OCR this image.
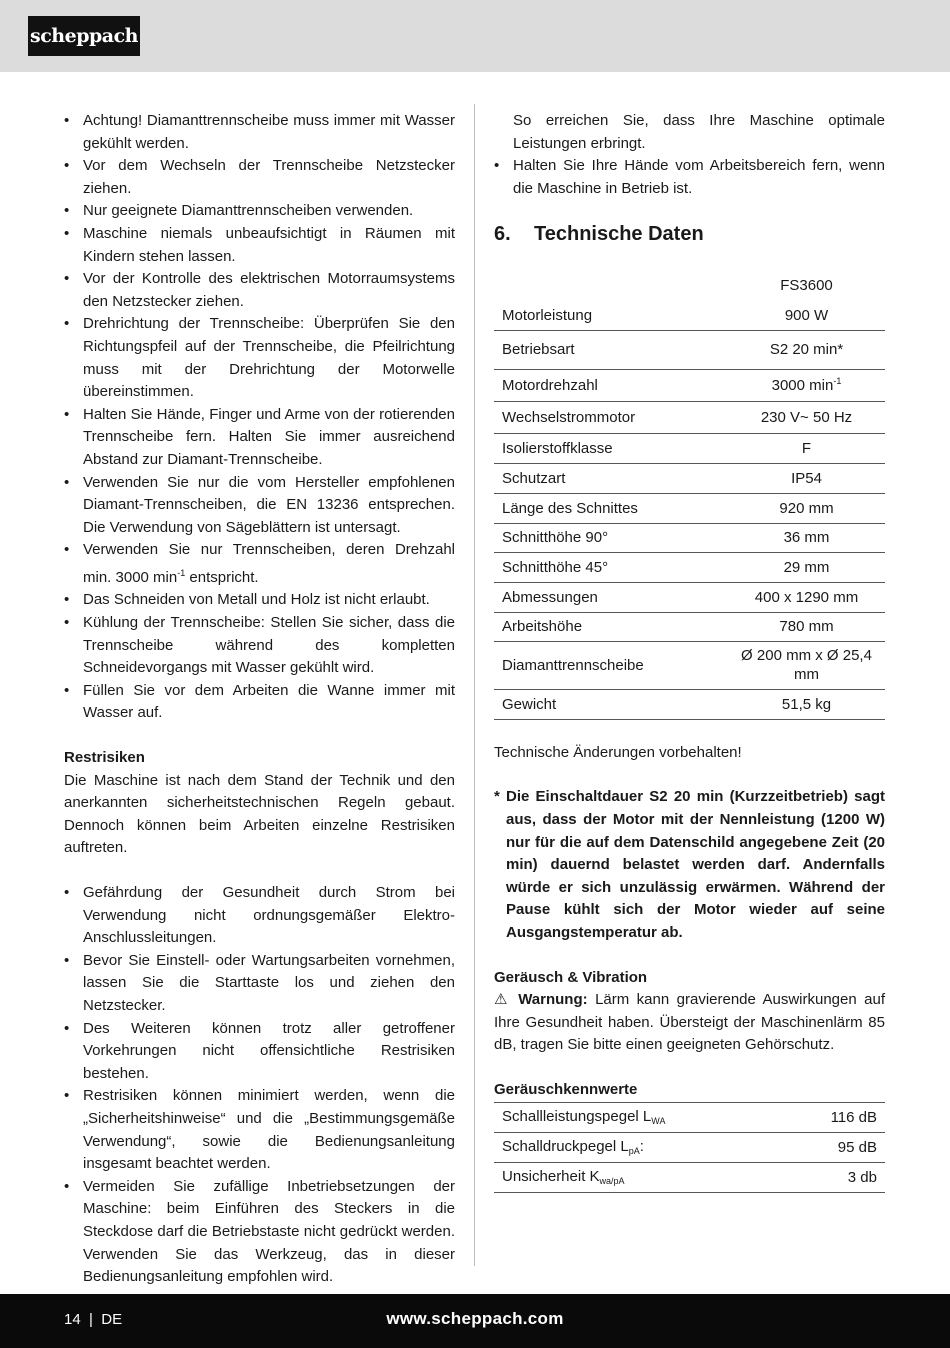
scheppach
• Achtung! Diamanttrennscheibe muss immer mit Wasser gekühlt werden.
• Vor dem Wechseln der Trennscheibe Netzstecker ziehen.
• Nur geeignete Diamanttrennscheiben verwenden.
• Maschine niemals unbeaufsichtigt in Räumen mit Kindern stehen lassen.
• Vor der Kontrolle des elektrischen Motorraumsystems den Netzstecker ziehen.
• Drehrichtung der Trennscheibe: Überprüfen Sie den Richtungspfeil auf der Trennscheibe, die Pfeilrichtung muss mit der Drehrichtung der Motorwelle übereinstimmen.
• Halten Sie Hände, Finger und Arme von der rotierenden Trennscheibe fern. Halten Sie immer ausreichend Abstand zur Diamant-Trennscheibe.
• Verwenden Sie nur die vom Hersteller empfohlenen Diamant-Trennscheiben, die EN 13236 entsprechen. Die Verwendung von Sägeblättern ist untersagt.
• Verwenden Sie nur Trennscheiben, deren Drehzahl min. 3000 $\min^{-1}$ entspricht.
• Das Schneiden von Metall und Holz ist nicht erlaubt.
• Kühlung der Trennscheibe: Stellen Sie sicher, dass die Trennscheibe während des kompletten Schneidevorgangs mit Wasser gekühlt wird.
• Füllen Sie vor dem Arbeiten die Wanne immer mit Wasser auf.
Restrisiken

Die Maschine ist nach dem Stand der Technik und den anerkannten sicherheitstechnischen Regeln gebaut. Dennoch können beim Arbeiten einzelne Restrisiken auftreten.

• Gefährdung der Gesundheit durch Strom bei Verwendung nicht ordnungsgemäßer Elektro-Anschlussleitungen.
• Bevor Sie Einstell- oder Wartungsarbeiten vornehmen, lassen Sie die Starttaste los und ziehen den Netzstecker.
• Des Weiteren können trotz aller getroffener Vorkehrungen nicht offensichtliche Restrisiken bestehen.
• Restrisiken können minimiert werden, wenn die „Sicherheitshinweise“ und die „Bestimmungsgemäße Verwendung“, sowie die Bedienungsanleitung insgesamt beachtet werden.
• Vermeiden Sie zufällige Inbetriebsetzungen der Maschine: beim Einführen des Steckers in die Steckdose darf die Betriebstaste nicht gedrückt werden. Verwenden Sie das Werkzeug, das in dieser Bedienungsanleitung empfohlen wird.
So erreichen Sie, dass Ihre Maschine optimale Leistungen erbringt.
• Halten Sie Ihre Hände vom Arbeitsbereich fern, wenn die Maschine in Betrieb ist.
6.	Technische Daten
	FS3600
Motorleistung	900 W
Betriebsart	S2 20 min*
Motordrehzahl	3000 $\min^{-1}$
Wechselstrommotor	230 V~ 50 Hz
Isolierstoffklasse	F
Schutzart	IP54
Länge des Schnittes	920 mm
Schnitthöhe 90°	36 mm
Schnitthöhe 45°	29 mm
Abmessungen	400 x 1290 mm
Arbeitshöhe	780 mm
Diamanttrennscheibe	Ø 200 mm x Ø 25,4 mm
Gewicht	51,5 kg

Technische Änderungen vorbehalten!

* Die Einschaltdauer S2 20 min (Kurzzeitbetrieb) sagt aus, dass der Motor mit der Nennleistung (1200 W) nur für die auf dem Datenschild angegebene Zeit (20 min) dauernd belastet werden darf. Andernfalls würde er sich unzulässig erwärmen. Während der Pause kühlt sich der Motor wieder auf seine Ausgangstemperatur ab.
Geräusch & Vibration

⚠ Warnung: Lärm kann gravierende Auswirkungen auf Ihre Gesundheit haben. Übersteigt der Maschinenlärm 85 dB, tragen Sie bitte einen geeigneten Gehörschutz.

Geräuschkennwerte
Schallleistungspegel $L_{WA}$	116 dB
Schalldruckpegel $L_{pA}$:	95 dB
Unsicherheit $K_{wa/pA}$	3 db
14  |  DE	www.scheppach.com
